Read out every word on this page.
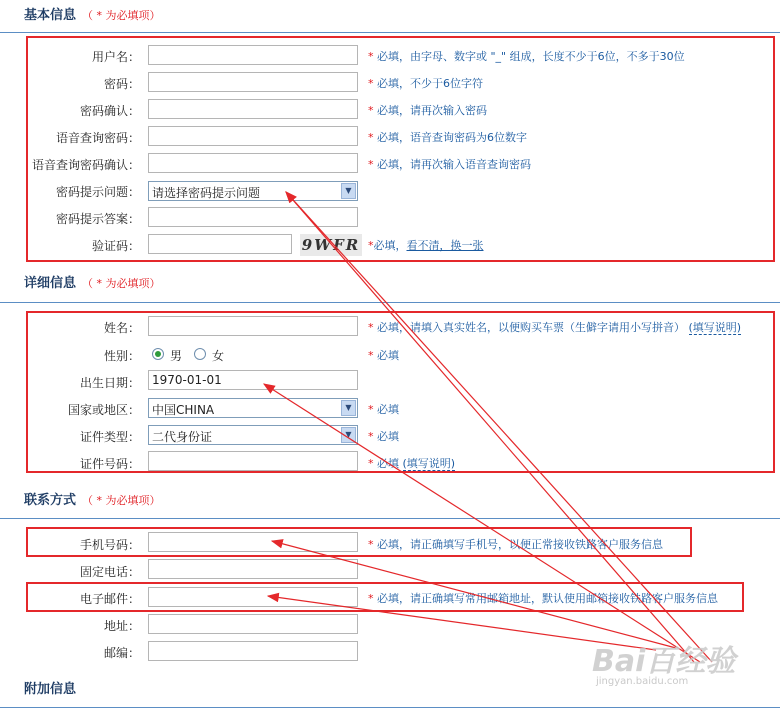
基本信息 （ * 为必填项）
用户名：	* 必填，由字母、数字或 "_" 组成，长度不少于6位，不多于30位
密码：	* 必填，不少于6位字符
密码确认：	* 必填，请再次输入密码
语音查询密码：	* 必填，语音查询密码为6位数字
语音查询密码确认：	* 必填，请再次输入语音查询密码
密码提示问题：	请选择密码提示问题	▼
密码提示答案：
验证码：	9WFR *必填，看不清，换一张
详细信息 （ * 为必填项）
姓名：	* 必填，请填入真实姓名，以便购买车票（生僻字请用小写拼音） (填写说明)
性别：	男 女	* 必填
出生日期：
1970-01-01
国家或地区：	中国CHINA	▼	* 必填
证件类型：	二代身份证	▼	* 必填
证件号码：	* 必填 (填写说明)
联系方式 （ * 为必填项）
手机号码：	* 必填，请正确填写手机号，以便正常接收铁路客户服务信息
固定电话：
电子邮件：	* 必填，请正确填写常用邮箱地址，默认使用邮箱接收铁路客户服务信息
地址：
邮编：
附加信息
Bai百经验
jingyan.baidu.com
